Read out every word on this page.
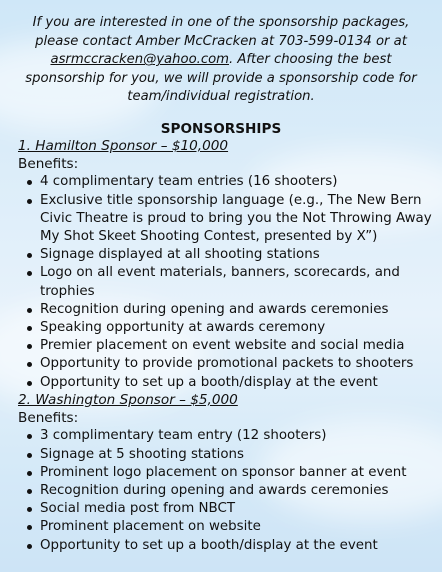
If you are interested in one of the sponsorship packages, please contact Amber McCracken at 703-599-0134 or at asrmccracken@yahoo.com. After choosing the best sponsorship for you, we will provide a sponsorship code for team/individual registration.

SPONSORSHIPS

1. Hamilton Sponsor – $10,000

Benefits:

4 complimentary team entries (16 shooters)
Exclusive title sponsorship language (e.g., The New Bern Civic Theatre is proud to bring you the Not Throwing Away My Shot Skeet Shooting Contest, presented by X”)
Signage displayed at all shooting stations
Logo on all event materials, banners, scorecards, and trophies
Recognition during opening and awards ceremonies
Speaking opportunity at awards ceremony
Premier placement on event website and social media
Opportunity to provide promotional packets to shooters
Opportunity to set up a booth/display at the event

2. Washington Sponsor – $5,000

Benefits:

3 complimentary team entry (12 shooters)
Signage at 5 shooting stations
Prominent logo placement on sponsor banner at event
Recognition during opening and awards ceremonies
Social media post from NBCT
Prominent placement on website
Opportunity to set up a booth/display at the event
